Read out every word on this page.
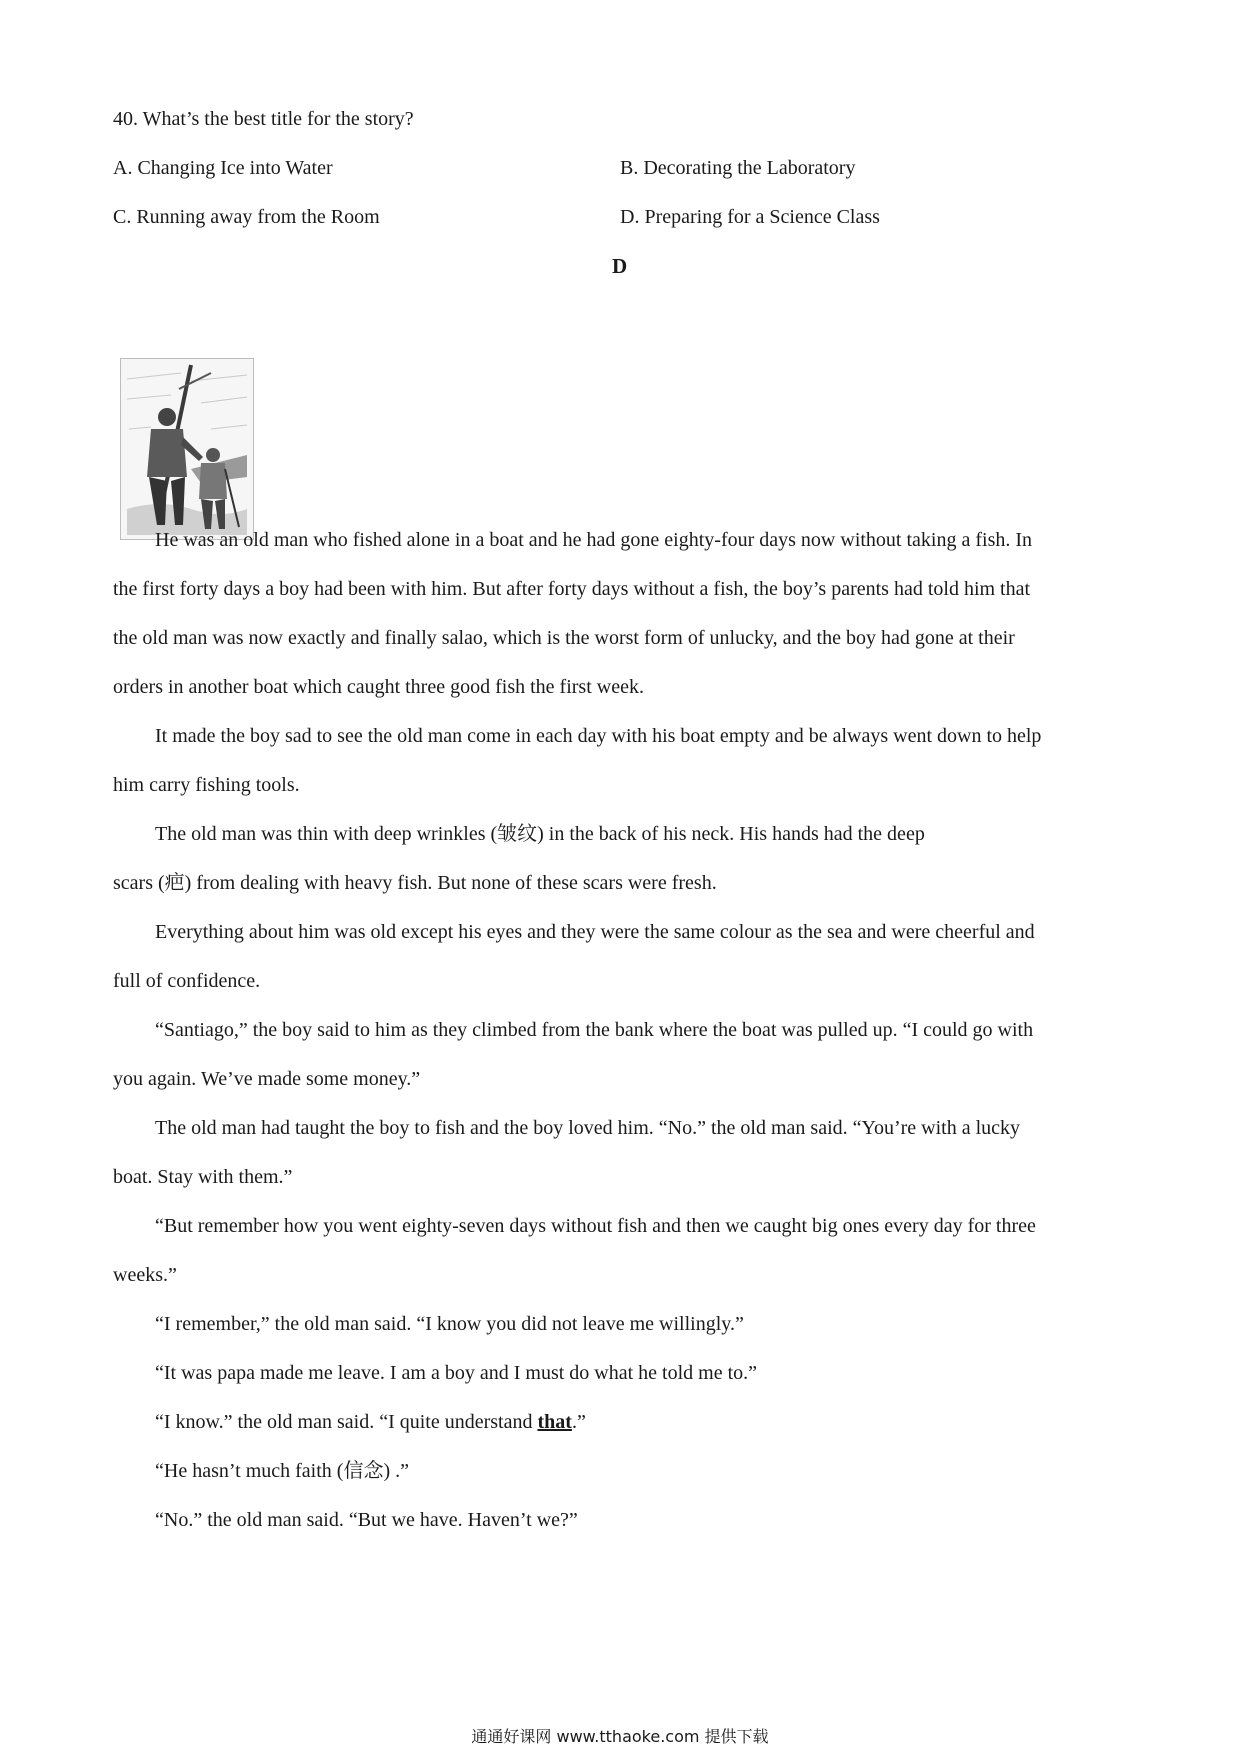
40. What’s the best title for the story?
A. Changing Ice into Water	B. Decorating the Laboratory
C. Running away from the Room	D. Preparing for a Science Class
D
He was an old man who fished alone in a boat and he had gone eighty-four days now without taking a fish. In
the first forty days a boy had been with him. But after forty days without a fish, the boy’s parents had told him that
the old man was now exactly and finally salao, which is the worst form of unlucky, and the boy had gone at their
orders in another boat which caught three good fish the first week.
It made the boy sad to see the old man come in each day with his boat empty and be always went down to help
him carry fishing tools.
The old man was thin with deep wrinkles (皱纹) in the back of his neck. His hands had the deep
scars (疤) from dealing with heavy fish. But none of these scars were fresh.
Everything about him was old except his eyes and they were the same colour as the sea and were cheerful and
full of confidence.
“Santiago,” the boy said to him as they climbed from the bank where the boat was pulled up. “I could go with
you again. We’ve made some money.”
The old man had taught the boy to fish and the boy loved him. “No.” the old man said. “You’re with a lucky
boat. Stay with them.”
“But remember how you went eighty-seven days without fish and then we caught big ones every day for three
weeks.”
“I remember,” the old man said. “I know you did not leave me willingly.”
“It was papa made me leave. I am a boy and I must do what he told me to.”
“I know.” the old man said. “I quite understand that.”
“He hasn’t much faith (信念) .”
“No.” the old man said. “But we have. Haven’t we?”
通通好课网 www.tthaoke.com 提供下载
